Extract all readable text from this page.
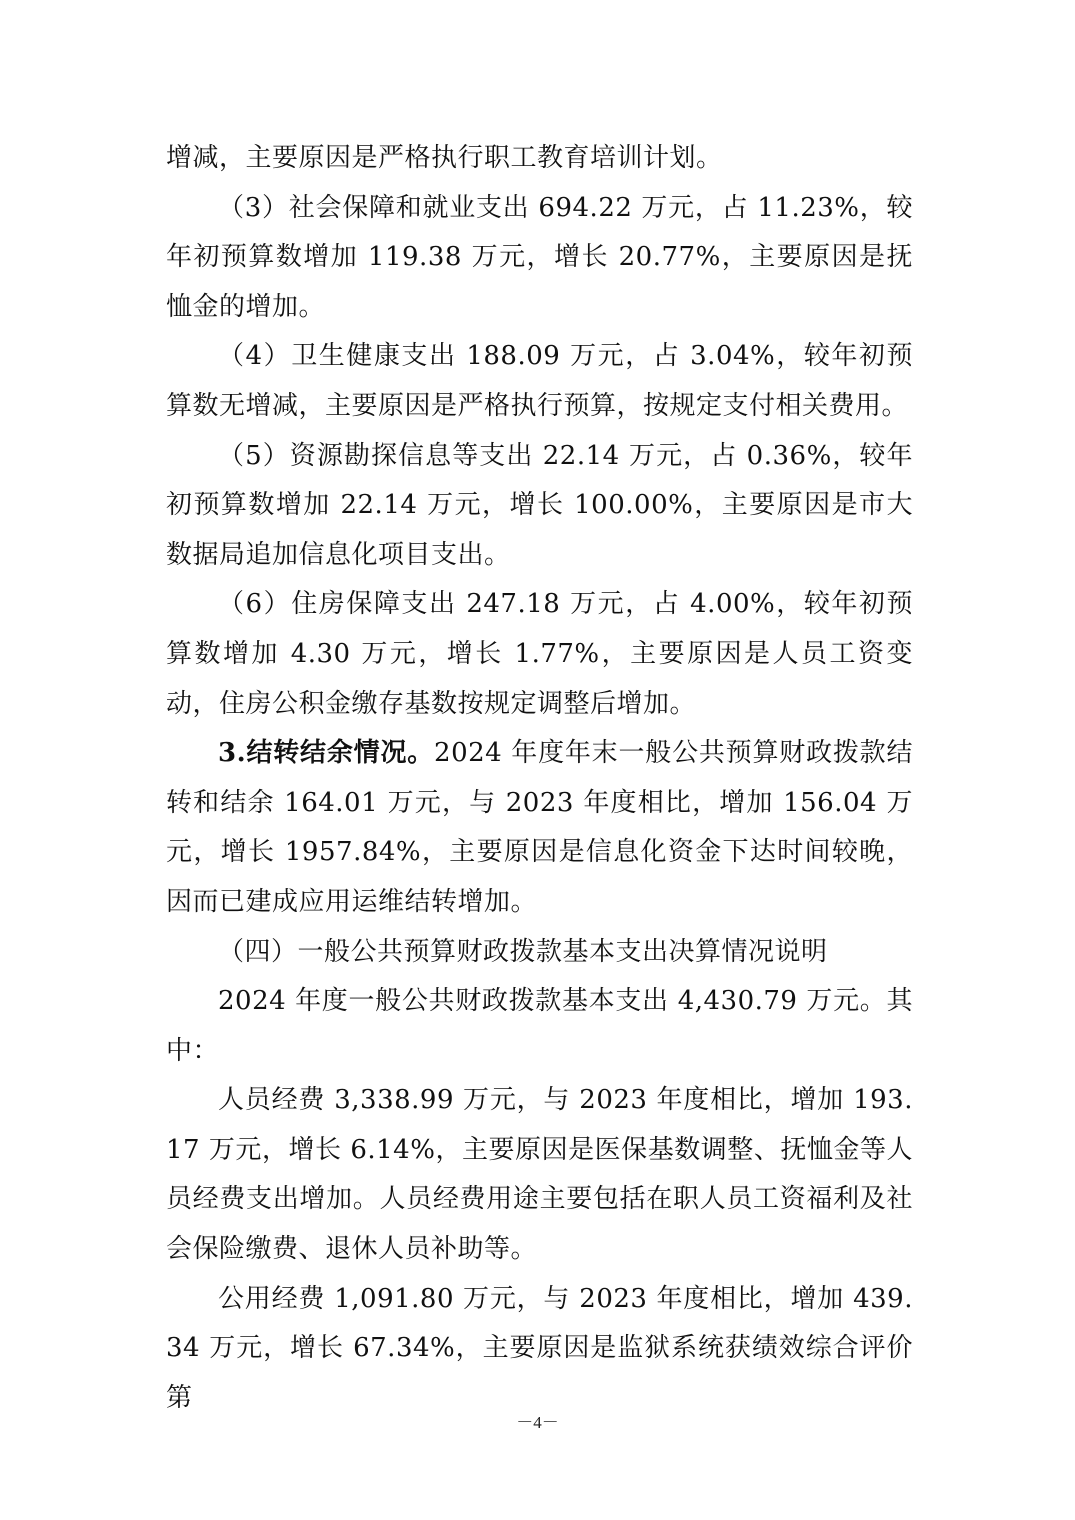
增减，主要原因是严格执行职工教育培训计划。

（3）社会保障和就业支出 694.22 万元，占 11.23%，较年初预算数增加 119.38 万元，增长 20.77%，主要原因是抚恤金的增加。

（4）卫生健康支出 188.09 万元，占 3.04%，较年初预算数无增减，主要原因是严格执行预算，按规定支付相关费用。

（5）资源勘探信息等支出 22.14 万元，占 0.36%，较年初预算数增加 22.14 万元，增长 100.00%，主要原因是市大数据局追加信息化项目支出。

（6）住房保障支出 247.18 万元，占 4.00%，较年初预算数增加 4.30 万元，增长 1.77%，主要原因是人员工资变动，住房公积金缴存基数按规定调整后增加。

3.结转结余情况。2024 年度年末一般公共预算财政拨款结转和结余 164.01 万元，与 2023 年度相比，增加 156.04 万元，增长 1957.84%，主要原因是信息化资金下达时间较晚，因而已建成应用运维结转增加。

（四）一般公共预算财政拨款基本支出决算情况说明

2024 年度一般公共财政拨款基本支出 4,430.79 万元。其中：

人员经费 3,338.99 万元，与 2023 年度相比，增加 193.17 万元，增长 6.14%，主要原因是医保基数调整、抚恤金等人员经费支出增加。人员经费用途主要包括在职人员工资福利及社会保险缴费、退休人员补助等。

公用经费 1,091.80 万元，与 2023 年度相比，增加 439.34 万元，增长 67.34%，主要原因是监狱系统获绩效综合评价第

－4－
